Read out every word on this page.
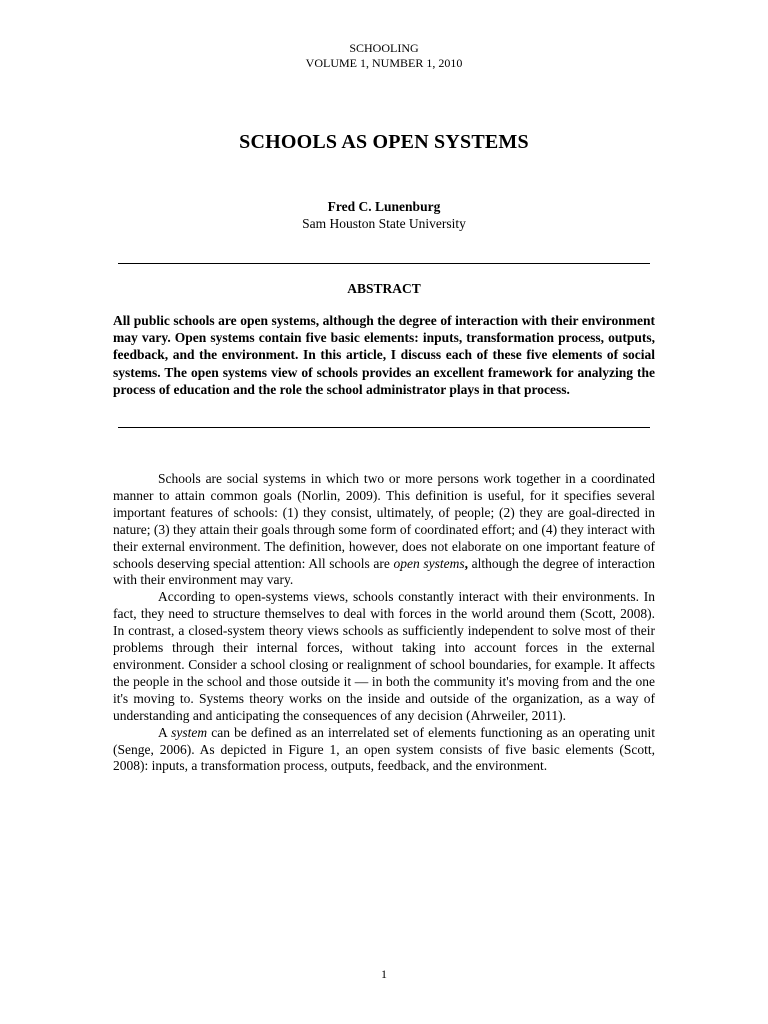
SCHOOLING
VOLUME 1, NUMBER 1, 2010
SCHOOLS AS OPEN SYSTEMS
Fred C. Lunenburg
Sam Houston State University
ABSTRACT
All public schools are open systems, although the degree of interaction with their environment may vary. Open systems contain five basic elements: inputs, transformation process, outputs, feedback, and the environment. In this article, I discuss each of these five elements of social systems. The open systems view of schools provides an excellent framework for analyzing the process of education and the role the school administrator plays in that process.

Schools are social systems in which two or more persons work together in a coordinated manner to attain common goals (Norlin, 2009). This definition is useful, for it specifies several important features of schools: (1) they consist, ultimately, of people; (2) they are goal-directed in nature; (3) they attain their goals through some form of coordinated effort; and (4) they interact with their external environment. The definition, however, does not elaborate on one important feature of schools deserving special attention: All schools are open systems, although the degree of interaction with their environment may vary.

According to open-systems views, schools constantly interact with their environments. In fact, they need to structure themselves to deal with forces in the world around them (Scott, 2008). In contrast, a closed-system theory views schools as sufficiently independent to solve most of their problems through their internal forces, without taking into account forces in the external environment. Consider a school closing or realignment of school boundaries, for example. It affects the people in the school and those outside it — in both the community it's moving from and the one it's moving to. Systems theory works on the inside and outside of the organization, as a way of understanding and anticipating the consequences of any decision (Ahrweiler, 2011).

A system can be defined as an interrelated set of elements functioning as an operating unit (Senge, 2006). As depicted in Figure 1, an open system consists of five basic elements (Scott, 2008): inputs, a transformation process, outputs, feedback, and the environment.

1
